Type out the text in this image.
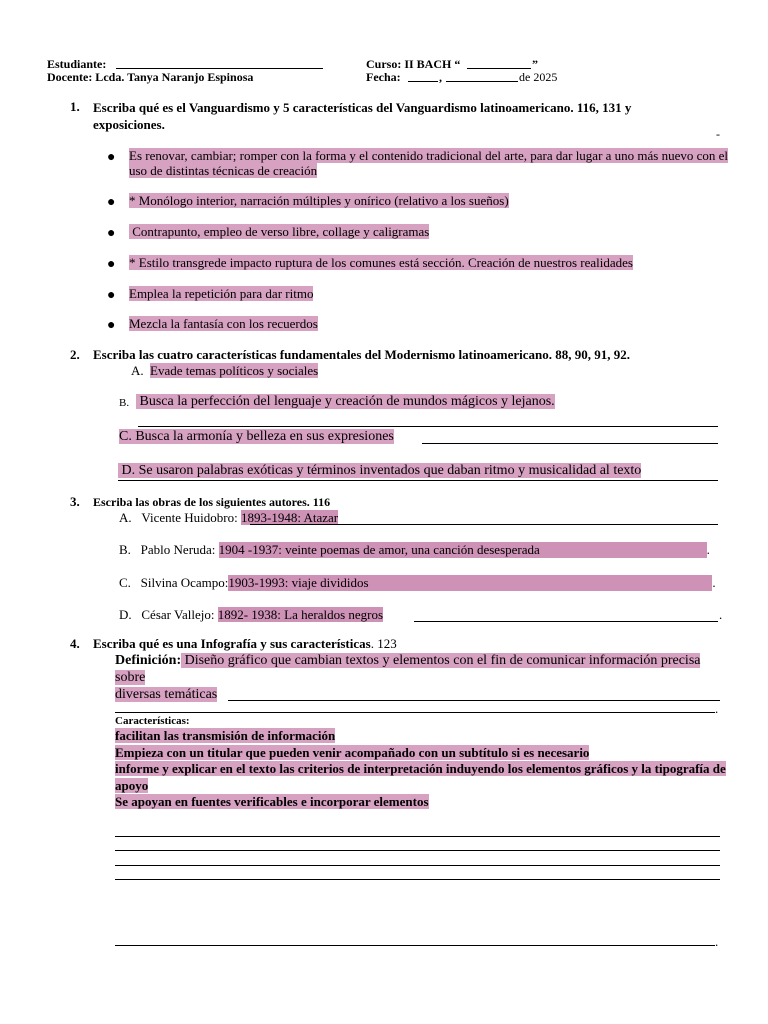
Estudiante:
Docente: Lcda. Tanya Naranjo Espinosa
Curso: II BACH “	”
Fecha:	,	de 2025
1. Escriba qué es el Vanguardismo y 5 características del Vanguardismo latinoamericano. 116, 131 y exposiciones.
-
● Es renovar, cambiar; romper con la forma y el contenido tradicional del arte, para dar lugar a uno más nuevo con el uso de distintas técnicas de creación
● * Monólogo interior, narración múltiples y onírico (relativo a los sueños)
● Contrapunto, empleo de verso libre, collage y caligramas
● * Estilo transgrede impacto ruptura de los comunes está sección. Creación de nuestros realidades
● Emplea la repetición para dar ritmo
● Mezcla la fantasía con los recuerdos
2. Escriba las cuatro características fundamentales del Modernismo latinoamericano. 88, 90, 91, 92.
A. Evade temas políticos y sociales
B. Busca la perfección del lenguaje y creación de mundos mágicos y lejanos.
C. Busca la armonía y belleza en sus expresiones
D. Se usaron palabras exóticas y términos inventados que daban ritmo y musicalidad al texto
3. Escriba las obras de los siguientes autores. 116
A. Vicente Huidobro: 1893-1948: Atazar
B. Pablo Neruda: 1904 -1937: veinte poemas de amor, una canción desesperada	.
C. Silvina Ocampo:1903-1993: viaje divididos	.
D. César Vallejo: 1892- 1938: La heraldos negros	.
4. Escriba qué es una Infografía y sus características. 123
Definición: Diseño gráfico que cambian textos y elementos con el fin de comunicar información precisa sobre
diversas temáticas
.
Características:
facilitan las transmisión de información
Empieza con un titular que pueden venir acompañado con un subtítulo si es necesario
informe y explicar en el texto las criterios de interpretación induyendo los elementos gráficos y la tipografía de
apoyo
Se apoyan en fuentes verificables e incorporar elementos
.
